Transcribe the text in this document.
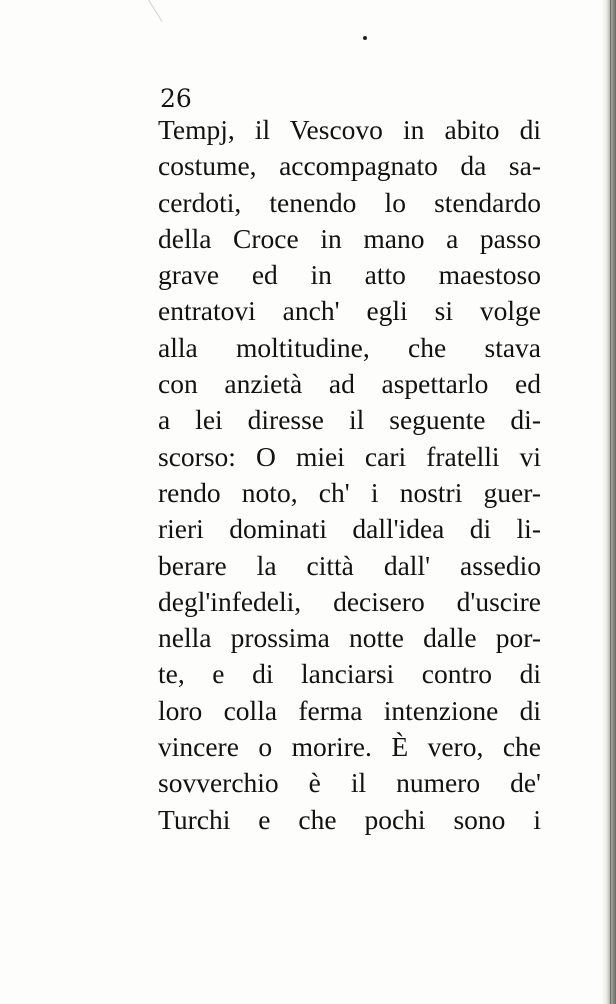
26
Tempj, il Vescovo in abito di
costume, accompagnato da sa-
cerdoti, tenendo lo stendardo
della Croce in mano a passo
grave ed in atto maestoso
entratovi anch' egli si volge
alla moltitudine, che stava
con anzietà ad aspettarlo ed
a lei diresse il seguente di-
scorso: O miei cari fratelli vi
rendo noto, ch' i nostri guer-
rieri dominati dall'idea di li-
berare la città dall' assedio
degl'infedeli, decisero d'uscire
nella prossima notte dalle por-
te, e di lanciarsi contro di
loro colla ferma intenzione di
vincere o morire. È vero, che
sovverchio è il numero de'
Turchi e che pochi sono i
